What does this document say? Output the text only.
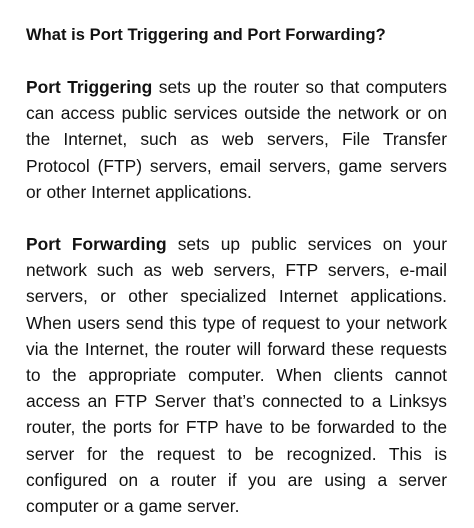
What is Port Triggering and Port Forwarding?

Port Triggering sets up the router so that computers can access public services outside the network or on the Internet, such as web servers, File Transfer Protocol (FTP) servers, email servers, game servers or other Internet applications.

Port Forwarding sets up public services on your network such as web servers, FTP servers, e-mail servers, or other specialized Internet applications. When users send this type of request to your network via the Internet, the router will forward these requests to the appropriate computer. When clients cannot access an FTP Server that’s connected to a Linksys router, the ports for FTP have to be forwarded to the server for the request to be recognized. This is configured on a router if you are using a server computer or a game server.
